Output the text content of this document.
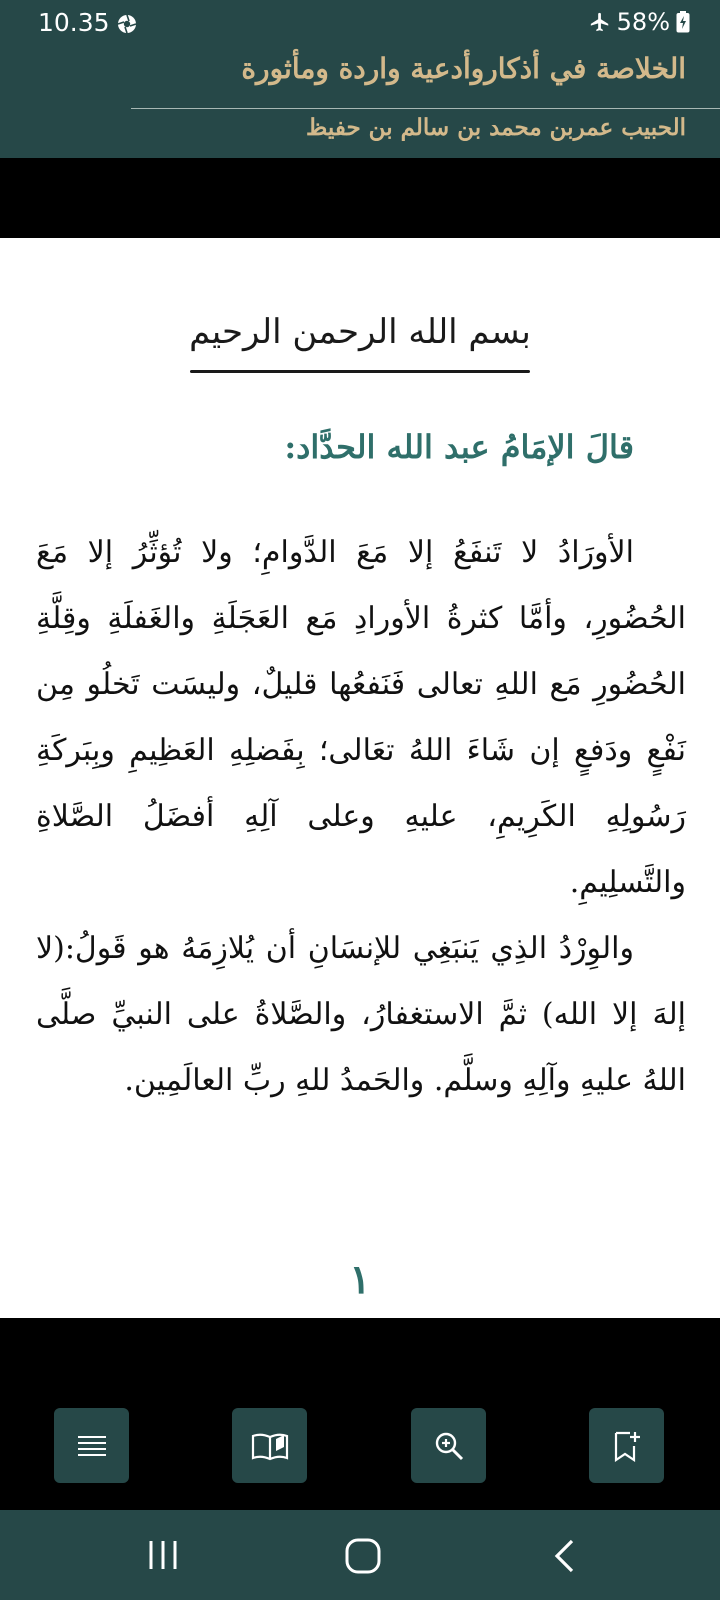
10.35	58%
الخلاصة في أذكاروأدعية واردة ومأثورة
الحبيب عمربن محمد بن سالم بن حفيظ
بسم الله الرحمن الرحيم
قالَ الإمَامُ عبد الله الحدَّاد:

الأورَادُ لا تَنفَعُ إلا مَعَ الدَّوامِ؛ ولا تُؤثِّرُ إلا مَعَ الحُضُورِ، وأمَّا كثرةُ الأورادِ مَع العَجَلَةِ والغَفلَةِ وقِلَّةِ الحُضُورِ مَع اللهِ تعالى فَنَفعُها قليلٌ، وليسَت تَخلُو مِن نَفْعٍ ودَفعٍ إن شَاءَ اللهُ تعَالى؛ بِفَضلِهِ العَظِيمِ وبِبَركَةِ رَسُولِهِ الكَرِيمِ، عليهِ وعلى آلِهِ أفضَلُ الصَّلاةِ والتَّسلِيمِ.

والوِرْدُ الذِي يَنبَغِي للإنسَانِ أن يُلازِمَهُ هو قَولُ:(لا إلهَ إلا الله) ثمَّ الاستغفارُ، والصَّلاةُ على النبيِّ صلَّى اللهُ عليهِ وآلِهِ وسلَّم. والحَمدُ للهِ ربِّ العالَمِين.

١
